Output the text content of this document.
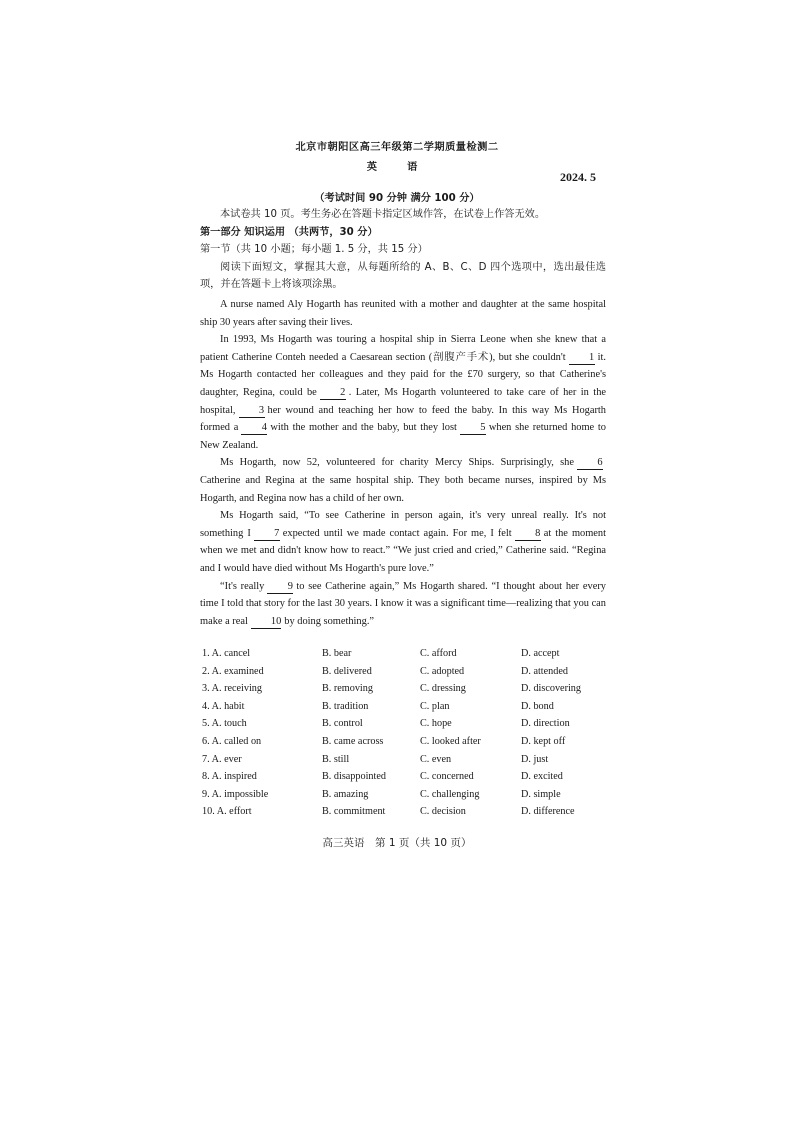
北京市朝阳区高三年级第二学期质量检测二
英　语
2024. 5
（考试时间 90 分钟 满分 100 分）
本试卷共 10 页。考生务必在答题卡指定区域作答，在试卷上作答无效。
第一部分 知识运用 （共两节，30 分）
第一节（共 10 小题；每小题 1. 5 分，共 15 分）
阅读下面短文，掌握其大意，从每题所给的 A、B、C、D 四个选项中，选出最佳选项，并在答题卡上将该项涂黑。
A nurse named Aly Hogarth has reunited with a mother and daughter at the same hospital ship 30 years after saving their lives.
In 1993, Ms Hogarth was touring a hospital ship in Sierra Leone when she knew that a patient Catherine Conteh needed a Caesarean section (剖腹产手术), but she couldn't 1 it. Ms Hogarth contacted her colleagues and they paid for the £70 surgery, so that Catherine's daughter, Regina, could be 2 . Later, Ms Hogarth volunteered to take care of her in the hospital, 3 her wound and teaching her how to feed the baby. In this way Ms Hogarth formed a 4 with the mother and the baby, but they lost 5 when she returned home to New Zealand.
Ms Hogarth, now 52, volunteered for charity Mercy Ships. Surprisingly, she 6Catherine and Regina at the same hospital ship. They both became nurses, inspired by Ms Hogarth, and Regina now has a child of her own.
Ms Hogarth said, “To see Catherine in person again, it's very unreal really. It's not something I 7 expected until we made contact again. For me, I felt 8 at the moment when we met and didn't know how to react.” “We just cried and cried,” Catherine said. “Regina and I would have died without Ms Hogarth's pure love.”
“It's really 9 to see Catherine again,” Ms Hogarth shared. “I thought about her every time I told that story for the last 30 years. I know it was a significant time—realizing that you can make a real 10 by doing something.”
1. A. cancel	B. bear	C. afford	D. accept
2. A. examined	B. delivered	C. adopted	D. attended
3. A. receiving	B. removing	C. dressing	D. discovering
4. A. habit	B. tradition	C. plan	D. bond
5. A. touch	B. control	C. hope	D. direction
6. A. called on	B. came across	C. looked after	D. kept off
7. A. ever	B. still	C. even	D. just
8. A. inspired	B. disappointed	C. concerned	D. excited
9. A. impossible	B. amazing	C. challenging	D. simple
10. A. effort	B. commitment	C. decision	D. difference
高三英语　第 1 页（共 10 页）
